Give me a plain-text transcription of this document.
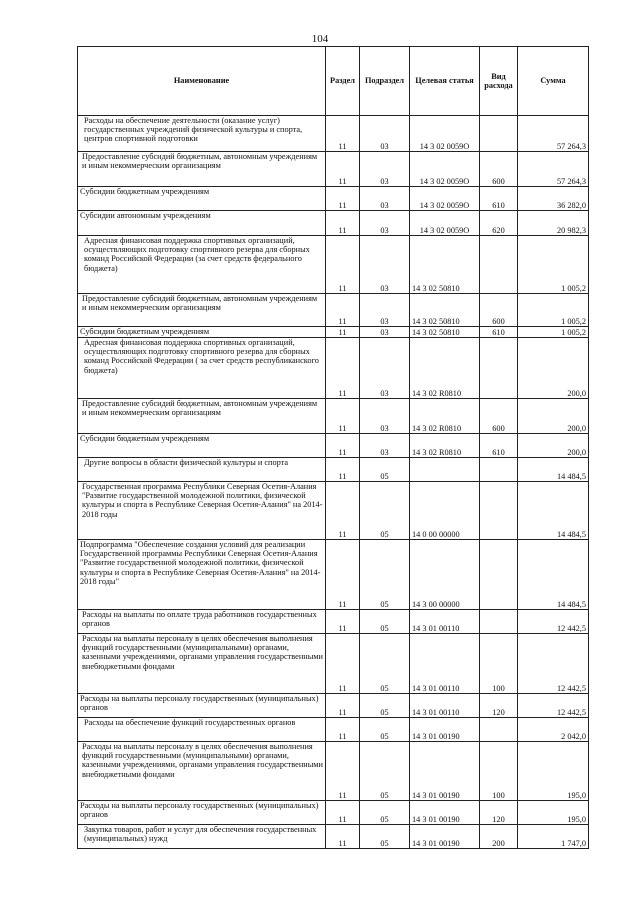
104
Наименование	Раздел	Подраздел	Целевая статья	Вид расхода	Сумма
Расходы на обеспечение деятельности (оказание услуг) государственных учреждений физической культуры и спорта, центров спортивной подготовки	11	03	14 3 02 0059О		57 264,3
Предоставление субсидий бюджетным, автономным учреждениям и иным некоммерческим организациям	11	03	14 3 02 0059О	600	57 264,3
Субсидии бюджетным учреждениям	11	03	14 3 02 0059О	610	36 282,0
Субсидии автономным учреждениям	11	03	14 3 02 0059О	620	20 982,3
Адресная финансовая поддержка спортивных организаций, осуществляющих подготовку спортивного резерва для сборных команд Российской Федерации (за счет средств федерального бюджета)	11	03	14 3 02 50810		1 005,2
Предоставление субсидий бюджетным, автономным учреждениям и иным некоммерческим организациям	11	03	14 3 02 50810	600	1 005,2
Субсидии бюджетным учреждениям	11	03	14 3 02 50810	610	1 005,2
Адресная финансовая поддержка спортивных организаций, осуществляющих подготовку спортивного резерва для сборных команд Российской Федерации ( за счет средств республиканского бюджета)	11	03	14 3 02 R0810		200,0
Предоставление субсидий бюджетным, автономным учреждениям и иным некоммерческим организациям	11	03	14 3 02 R0810	600	200,0
Субсидии бюджетным учреждениям	11	03	14 3 02 R0810	610	200,0
Другие вопросы в области физической культуры и спорта	11	05			14 484,5
Государственная программа Республики Северная Осетия-Алания "Развитие государственной молодежной политики, физической культуры и спорта в Республике Северная Осетия-Алания" на 2014-2018 годы	11	05	14 0 00 00000		14 484,5
Подпрограмма "Обеспечение создания условий для реализации Государственной программы Республики Северная Осетия-Алания "Развитие государственной молодежной политики, физической культуры и спорта в Республике Северная Осетия-Алания" на 2014-2018 годы"	11	05	14 3 00 00000		14 484,5
Расходы на выплаты по оплате труда работников государственных органов	11	05	14 3 01 00110		12 442,5
Расходы на выплаты персоналу в целях обеспечения выполнения функций государственными (муниципальными) органами, казенными учреждениями, органами управления государственными внебюджетными фондами	11	05	14 3 01 00110	100	12 442,5
Расходы на выплаты персоналу государственных (муниципальных) органов	11	05	14 3 01 00110	120	12 442,5
Расходы на обеспечение функций государственных органов	11	05	14 3 01 00190		2 042,0
Расходы на выплаты персоналу в целях обеспечения выполнения функций государственными (муниципальными) органами, казенными учреждениями, органами управления государственными внебюджетными фондами	11	05	14 3 01 00190	100	195,0
Расходы на выплаты персоналу государственных (муниципальных) органов	11	05	14 3 01 00190	120	195,0
Закупка товаров, работ и услуг для обеспечения государственных (муниципальных) нужд	11	05	14 3 01 00190	200	1 747,0
